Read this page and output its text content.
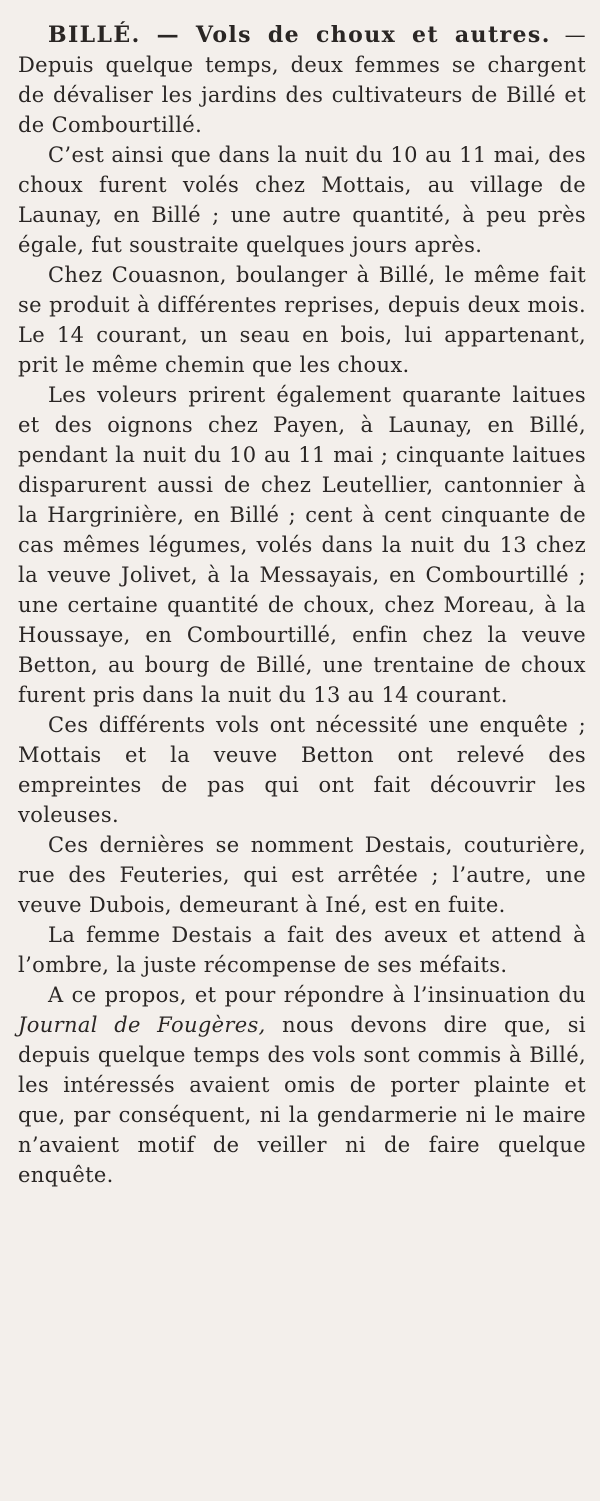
BILLÉ. — Vols de choux et autres. — Depuis quelque temps, deux femmes se chargent de dévaliser les jardins des cultivateurs de Billé et de Combourtillé.

C’est ainsi que dans la nuit du 10 au 11 mai, des choux furent volés chez Mottais, au village de Launay, en Billé ; une autre quantité, à peu près égale, fut soustraite quelques jours après.

Chez Couasnon, boulanger à Billé, le même fait se produit à différentes reprises, depuis deux mois. Le 14 courant, un seau en bois, lui appartenant, prit le même chemin que les choux.

Les voleurs prirent également quarante laitues et des oignons chez Payen, à Launay, en Billé, pendant la nuit du 10 au 11 mai ; cinquante laitues disparurent aussi de chez Leutellier, cantonnier à la Hargrinière, en Billé ; cent à cent cinquante de cas mêmes légumes, volés dans la nuit du 13 chez la veuve Jolivet, à la Messayais, en Combourtillé ; une certaine quantité de choux, chez Moreau, à la Houssaye, en Combourtillé, enfin chez la veuve Betton, au bourg de Billé, une trentaine de choux furent pris dans la nuit du 13 au 14 courant.

Ces différents vols ont nécessité une enquête ; Mottais et la veuve Betton ont relevé des empreintes de pas qui ont fait découvrir les voleuses.

Ces dernières se nomment Destais, couturière, rue des Feuteries, qui est arrêtée ; l’autre, une veuve Dubois, demeurant à Iné, est en fuite.

La femme Destais a fait des aveux et attend à l’ombre, la juste récompense de ses méfaits.

A ce propos, et pour répondre à l’insinuation du Journal de Fougères, nous devons dire que, si depuis quelque temps des vols sont commis à Billé, les intéressés avaient omis de porter plainte et que, par conséquent, ni la gendarmerie ni le maire n’avaient motif de veiller ni de faire quelque enquête.
